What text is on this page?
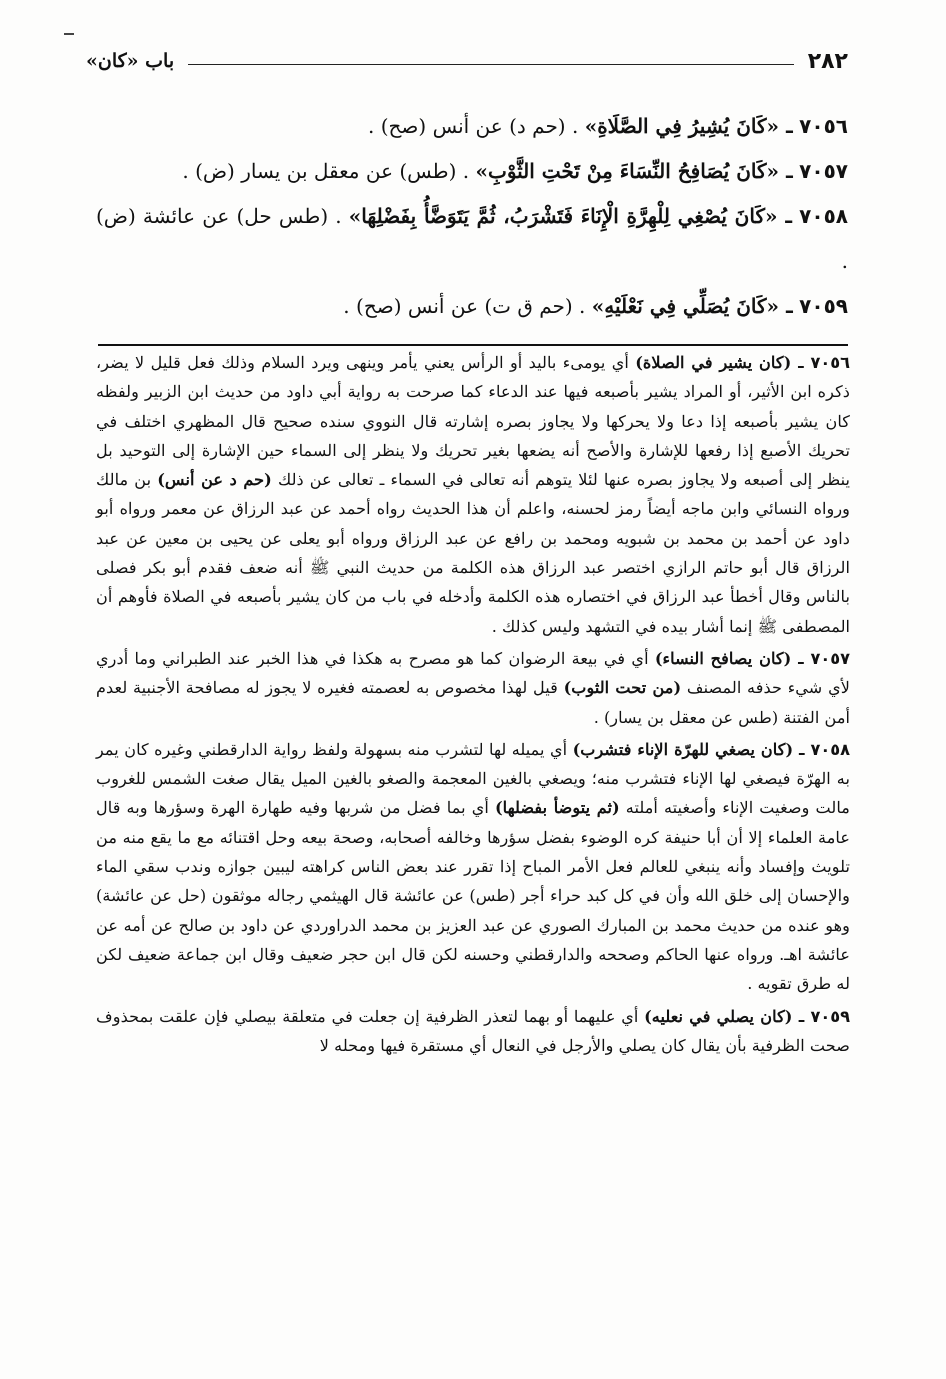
٢٨٢
باب «كان»

٧٠٥٦ ـ «كَانَ يُشِيرُ فِي الصَّلَاةِ» . (حم د) عن أنس (صح) .

٧٠٥٧ ـ «كَانَ يُصَافِحُ النِّسَاءَ مِنْ تَحْتِ الثَّوْبِ» . (طس) عن معقل بن يسار (ض) .

٧٠٥٨ ـ «كَانَ يُصْغِي لِلْهِرَّةِ الْإِنَاءَ فَتَشْرَبُ، ثُمَّ يَتَوَضَّأُ بِفَضْلِهَا» . (طس حل) عن عائشة (ض) .

٧٠٥٩ ـ «كَانَ يُصَلِّي فِي نَعْلَيْهِ» . (حم ق ت) عن أنس (صح) .

٧٠٥٦ ـ (كان يشير في الصلاة) أي يومىء باليد أو الرأس يعني يأمر وينهى ويرد السلام وذلك فعل قليل لا يضر، ذكره ابن الأثير، أو المراد يشير بأصبعه فيها عند الدعاء كما صرحت به رواية أبي داود من حديث ابن الزبير ولفظه كان يشير بأصبعه إذا دعا ولا يحركها ولا يجاوز بصره إشارته قال النووي سنده صحيح قال المظهري اختلف في تحريك الأصبع إذا رفعها للإشارة والأصح أنه يضعها بغير تحريك ولا ينظر إلى السماء حين الإشارة إلى التوحيد بل ينظر إلى أصبعه ولا يجاوز بصره عنها لئلا يتوهم أنه تعالى في السماء ـ تعالى عن ذلك (حم د عن أنس) بن مالك ورواه النسائي وابن ماجه أيضاً رمز لحسنه، واعلم أن هذا الحديث رواه أحمد عن عبد الرزاق عن معمر ورواه أبو داود عن أحمد بن محمد بن شبويه ومحمد بن رافع عن عبد الرزاق ورواه أبو يعلى عن يحيى بن معين عن عبد الرزاق قال أبو حاتم الرازي اختصر عبد الرزاق هذه الكلمة من حديث النبي ﷺ أنه ضعف فقدم أبو بكر فصلى بالناس وقال أخطأ عبد الرزاق في اختصاره هذه الكلمة وأدخله في باب من كان يشير بأصبعه في الصلاة فأوهم أن المصطفى ﷺ إنما أشار بيده في التشهد وليس كذلك .

٧٠٥٧ ـ (كان يصافح النساء) أي في بيعة الرضوان كما هو مصرح به هكذا في هذا الخبر عند الطبراني وما أدري لأي شيء حذفه المصنف (من تحت الثوب) قيل لهذا مخصوص به لعصمته فغيره لا يجوز له مصافحة الأجنبية لعدم أمن الفتنة (طس عن معقل بن يسار) .

٧٠٥٨ ـ (كان يصغي للهرّة الإناء فتشرب) أي يميله لها لتشرب منه بسهولة ولفظ رواية الدارقطني وغيره كان يمر به الهرّة فيصغي لها الإناء فتشرب منه؛ ويصغي بالغين المعجمة والصغو بالغين الميل يقال صغت الشمس للغروب مالت وصغيت الإناء وأصغيته أملته (ثم يتوضأ بفضلها) أي بما فضل من شربها وفيه طهارة الهرة وسؤرها وبه قال عامة العلماء إلا أن أبا حنيفة كره الوضوء بفضل سؤرها وخالفه أصحابه، وصحة بيعه وحل اقتنائه مع ما يقع منه من تلويث وإفساد وأنه ينبغي للعالم فعل الأمر المباح إذا تقرر عند بعض الناس كراهته ليبين جوازه وندب سقي الماء والإحسان إلى خلق الله وأن في كل كبد حراء أجر (طس) عن عائشة قال الهيثمي رجاله موثقون (حل عن عائشة) وهو عنده من حديث محمد بن المبارك الصوري عن عبد العزيز بن محمد الدراوردي عن داود بن صالح عن أمه عن عائشة اهـ. ورواه عنها الحاكم وصححه والدارقطني وحسنه لكن قال ابن حجر ضعيف وقال ابن جماعة ضعيف لكن له طرق تقويه .

٧٠٥٩ ـ (كان يصلي في نعليه) أي عليهما أو بهما لتعذر الظرفية إن جعلت في متعلقة بيصلي فإن علقت بمحذوف صحت الظرفية بأن يقال كان يصلي والأرجل في النعال أي مستقرة فيها ومحله لا
